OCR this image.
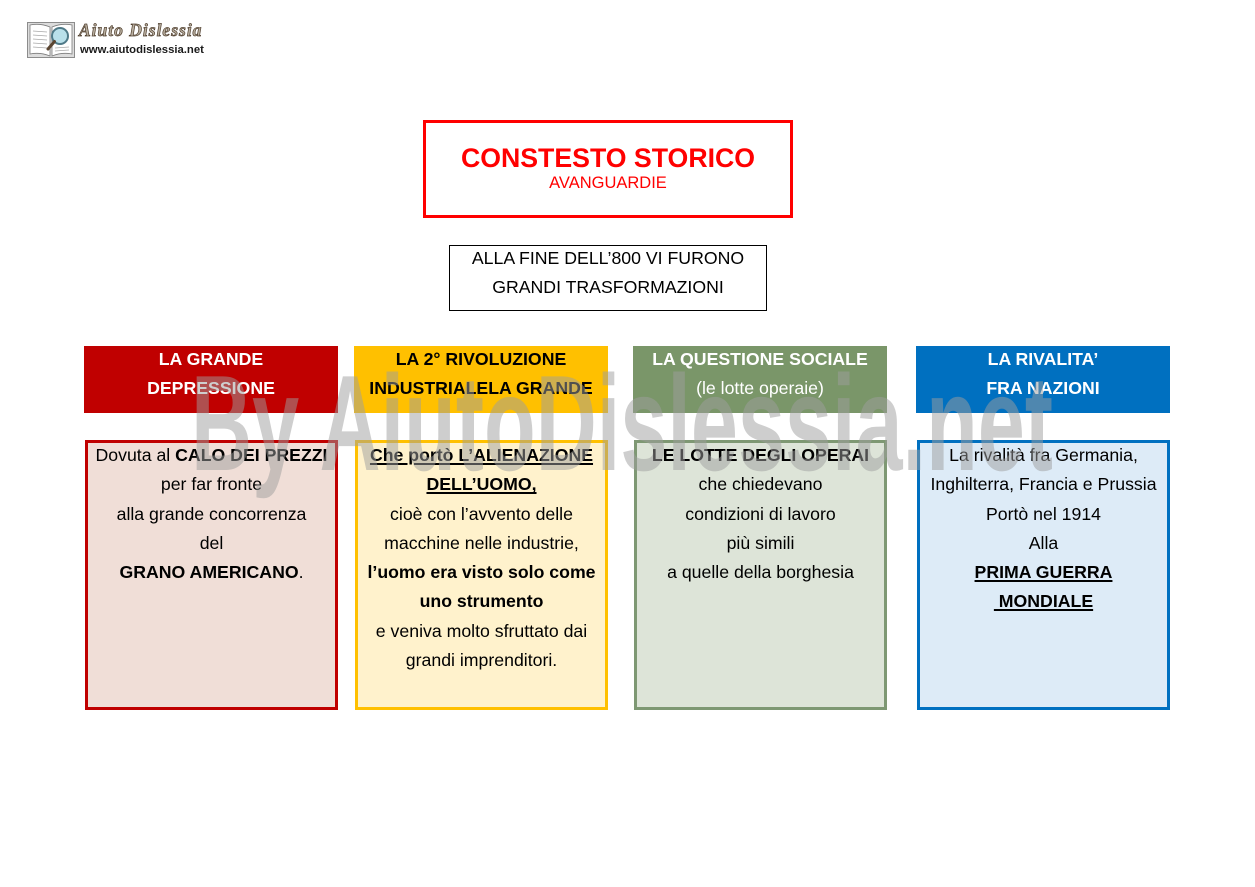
Aiuto Dislessia
www.aiutodislessia.net
CONSTESTO STORICO
AVANGUARDIE
ALLA FINE DELL’800 VI FURONO
GRANDI TRASFORMAZIONI
LA GRANDE
DEPRESSIONE
LA 2° RIVOLUZIONE
INDUSTRIALELA GRANDE
LA QUESTIONE SOCIALE
(le lotte operaie)
LA RIVALITA’
FRA NAZIONI
Dovuta al CALO DEI PREZZI
per far fronte
alla grande concorrenza
del
GRANO AMERICANO.
Che portò L’ALIENAZIONE
DELL’UOMO,
cioè con l’avvento delle
macchine nelle industrie,
l’uomo era visto solo come
uno strumento
e veniva molto sfruttato dai
grandi imprenditori.
LE LOTTE DEGLI OPERAI
che chiedevano
condizioni di lavoro
più simili
a quelle della borghesia
La rivalità fra Germania,
Inghilterra, Francia e Prussia
Portò nel 1914
Alla
PRIMA GUERRA
MONDIALE
By AiutoDislessia.net
